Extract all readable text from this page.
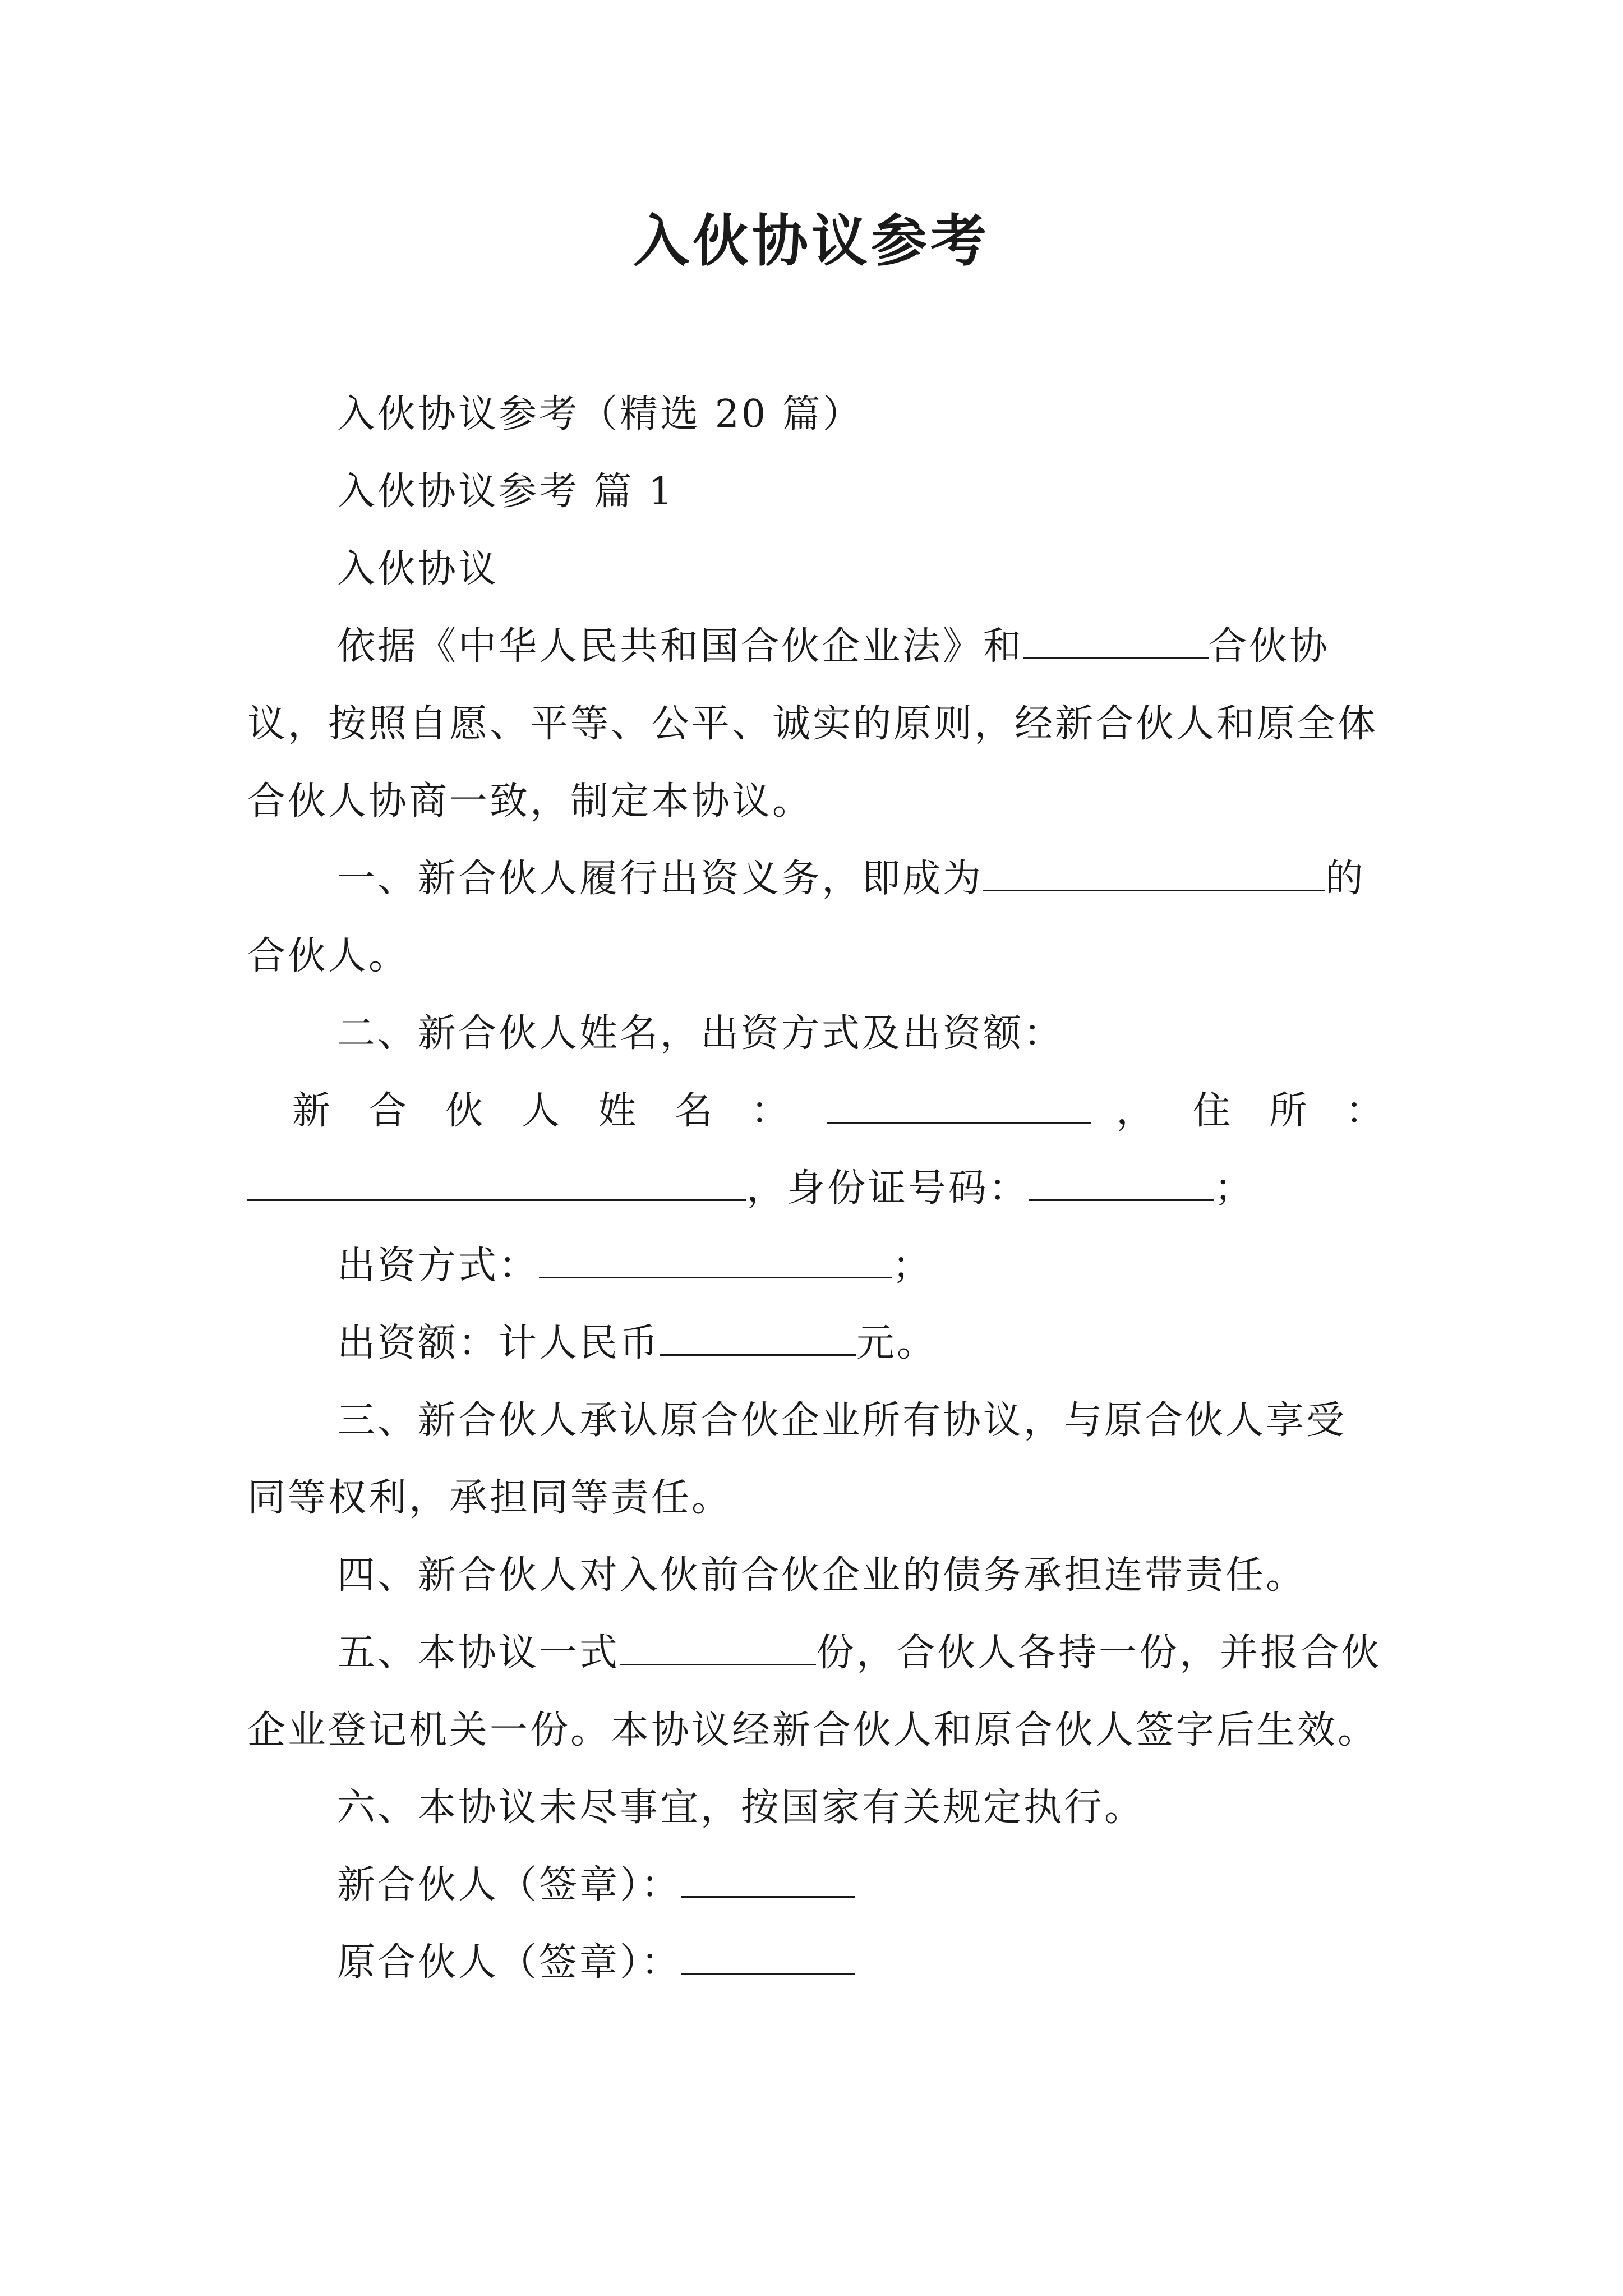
入伙协议参考

入伙协议参考（精选 20 篇）

入伙协议参考 篇 1

入伙协议

依据《中华人民共和国合伙企业法》和	合伙协议，按照自愿、平等、公平、诚实的原则，经新合伙人和原全体合伙人协商一致，制定本协议。

一、新合伙人履行出资义务，即成为	的合伙人。

二、新合伙人姓名，出资方式及出资额：

新 合 伙 人 姓 名 ：	， 住 所 ：

，身份证号码：	；

出资方式：	；

出资额：计人民币	元。

三、新合伙人承认原合伙企业所有协议，与原合伙人享受同等权利，承担同等责任。

四、新合伙人对入伙前合伙企业的债务承担连带责任。

五、本协议一式	份，合伙人各持一份，并报合伙企业登记机关一份。本协议经新合伙人和原合伙人签字后生效。

六、本协议未尽事宜，按国家有关规定执行。

新合伙人（签章）：

原合伙人（签章）：
